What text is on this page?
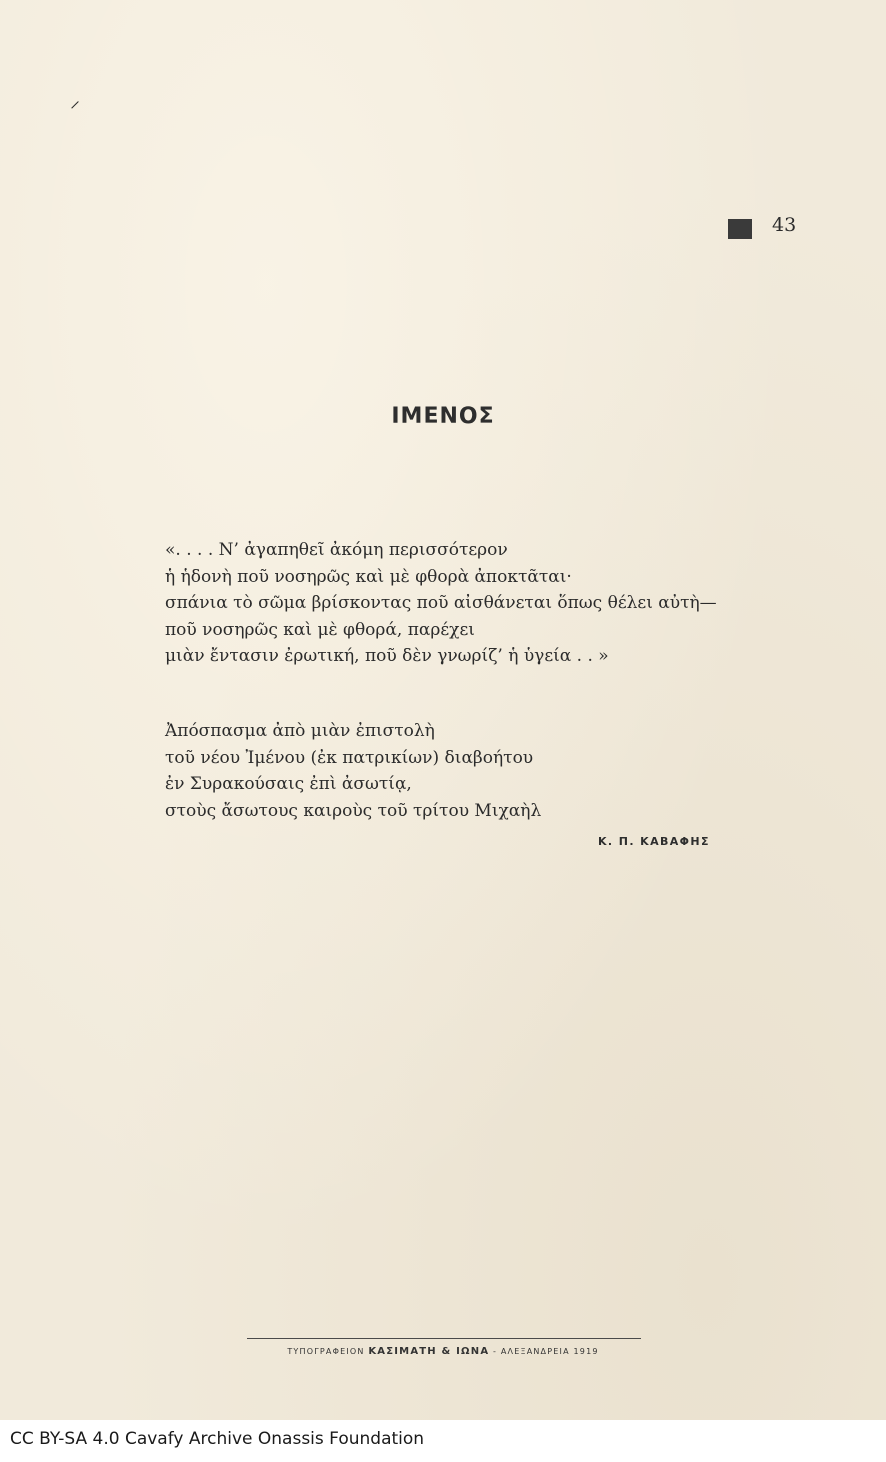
⸝
43
ΙΜΕΝΟΣ
«. . . . Ν’ ἀγαπηθεῖ ἀκόμη περισσότερον
ἡ ἡδονὴ ποῦ νοσηρῶς καὶ μὲ φθορὰ ἀποκτᾶται·
σπάνια τὸ σῶμα βρίσκοντας ποῦ αἰσθάνεται ὅπως θέλει αὐτὴ—
ποῦ νοσηρῶς καὶ μὲ φθορά, παρέχει
μιὰν ἔντασιν ἐρωτική, ποῦ δὲν γνωρίζ’ ἡ ὑγεία . . »
Ἀπόσπασμα ἀπὸ μιὰν ἐπιστολὴ
τοῦ νέου Ἰμένου (ἐκ πατρικίων) διαβοήτου
ἐν Συρακούσαις ἐπὶ ἀσωτίᾳ,
στοὺς ἄσωτους καιροὺς τοῦ τρίτου Μιχαὴλ
Κ. Π. ΚΑΒΑΦΗΣ
ΤΥΠΟΓΡΑΦΕΙΟΝ ΚΑΣΙΜΑΤΗ & ΙΩΝΑ - ΑΛΕΞΑΝΔΡΕΙΑ 1919
CC BY-SA 4.0 Cavafy Archive Onassis Foundation
